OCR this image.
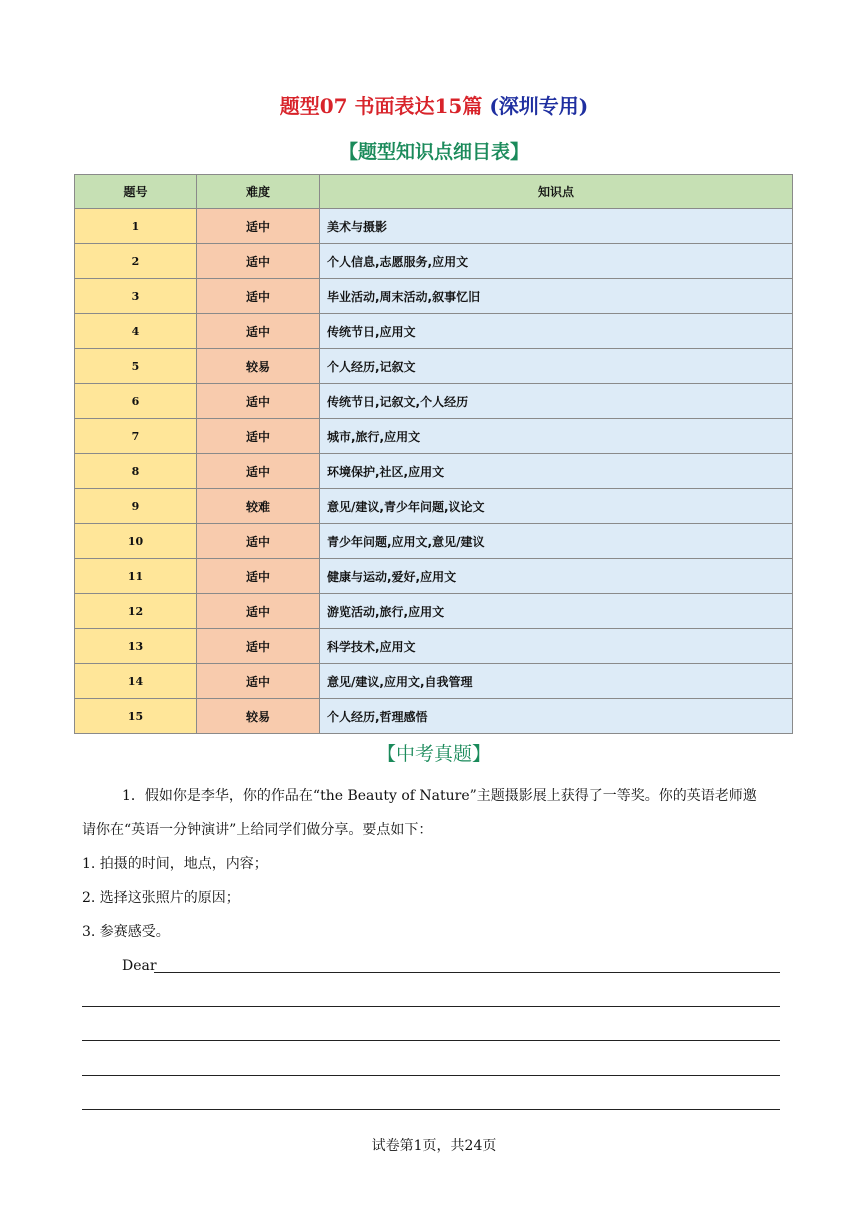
题型07 书面表达15篇 (深圳专用)
【题型知识点细目表】
题号	难度	知识点
1	适中	美术与摄影
2	适中	个人信息,志愿服务,应用文
3	适中	毕业活动,周末活动,叙事忆旧
4	适中	传统节日,应用文
5	较易	个人经历,记叙文
6	适中	传统节日,记叙文,个人经历
7	适中	城市,旅行,应用文
8	适中	环境保护,社区,应用文
9	较难	意见/建议,青少年问题,议论文
10	适中	青少年问题,应用文,意见/建议
11	适中	健康与运动,爱好,应用文
12	适中	游览活动,旅行,应用文
13	适中	科学技术,应用文
14	适中	意见/建议,应用文,自我管理
15	较易	个人经历,哲理感悟
【中考真题】
1．假如你是李华，你的作品在“the Beauty of Nature”主题摄影展上获得了一等奖。你的英语老师邀
请你在“英语一分钟演讲”上给同学们做分享。要点如下：
1. 拍摄的时间，地点，内容；
2. 选择这张照片的原因；
3. 参赛感受。
Dear
试卷第1页，共24页
